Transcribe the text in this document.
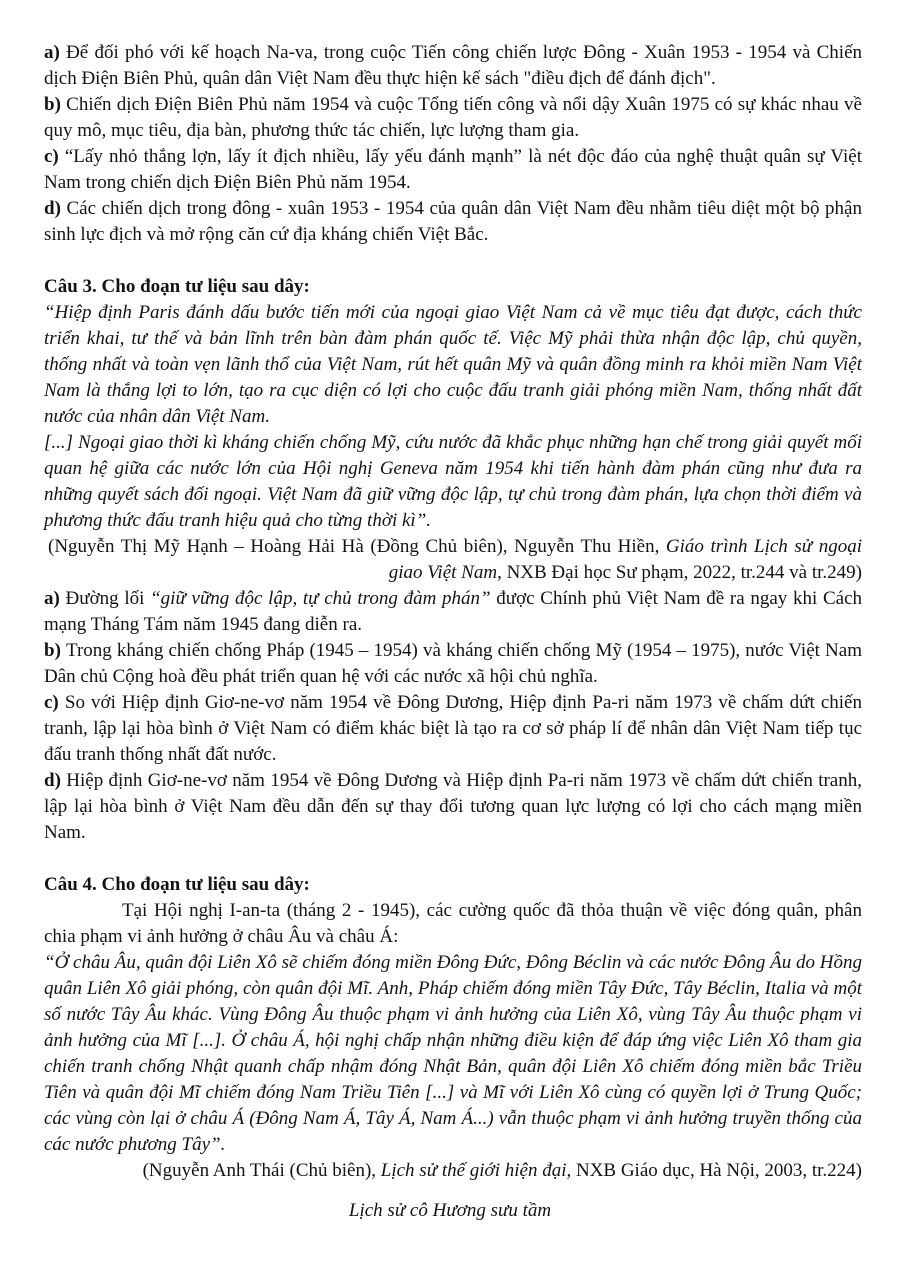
a) Để đối phó với kế hoạch Na-va, trong cuộc Tiến công chiến lược Đông - Xuân 1953 - 1954 và Chiến dịch Điện Biên Phủ, quân dân Việt Nam đều thực hiện kế sách "điều địch để đánh địch".

b) Chiến dịch Điện Biên Phủ năm 1954 và cuộc Tổng tiến công và nổi dậy Xuân 1975 có sự khác nhau về quy mô, mục tiêu, địa bàn, phương thức tác chiến, lực lượng tham gia.

c) “Lấy nhỏ thắng lợn, lấy ít địch nhiều, lấy yếu đánh mạnh” là nét độc đáo của nghệ thuật quân sự Việt Nam trong chiến dịch Điện Biên Phủ năm 1954.

d) Các chiến dịch trong đông - xuân 1953 - 1954 của quân dân Việt Nam đều nhằm tiêu diệt một bộ phận sinh lực địch và mở rộng căn cứ địa kháng chiến Việt Bắc.

Câu 3. Cho đoạn tư liệu sau dây:

“Hiệp định Paris đánh dấu bước tiến mới của ngoại giao Việt Nam cả về mục tiêu đạt được, cách thức triển khai, tư thế và bản lĩnh trên bàn đàm phán quốc tế. Việc Mỹ phải thừa nhận độc lập, chủ quyền, thống nhất và toàn vẹn lãnh thổ của Việt Nam, rút hết quân Mỹ và quân đồng minh ra khỏi miền Nam Việt Nam là thắng lợi to lớn, tạo ra cục diện có lợi cho cuộc đấu tranh giải phóng miền Nam, thống nhất đất nước của nhân dân Việt Nam.

[...] Ngoại giao thời kì kháng chiến chống Mỹ, cứu nước đã khắc phục những hạn chế trong giải quyết mối quan hệ giữa các nước lớn của Hội nghị Geneva năm 1954 khi tiến hành đàm phán cũng như đưa ra những quyết sách đối ngoại. Việt Nam đã giữ vững độc lập, tự chủ trong đàm phán, lựa chọn thời điểm và phương thức đấu tranh hiệu quả cho từng thời kì”.

(Nguyễn Thị Mỹ Hạnh – Hoàng Hải Hà (Đồng Chủ biên), Nguyễn Thu Hiền, Giáo trình Lịch sử ngoại giao Việt Nam, NXB Đại học Sư phạm, 2022, tr.244 và tr.249)

a) Đường lối “giữ vững độc lập, tự chủ trong đàm phán” được Chính phủ Việt Nam đề ra ngay khi Cách mạng Tháng Tám năm 1945 đang diễn ra.

b) Trong kháng chiến chống Pháp (1945 – 1954) và kháng chiến chống Mỹ (1954 – 1975), nước Việt Nam Dân chủ Cộng hoà đều phát triển quan hệ với các nước xã hội chủ nghĩa.

c) So với Hiệp định Giơ-ne-vơ năm 1954 về Đông Dương, Hiệp định Pa-ri năm 1973 về chấm dứt chiến tranh, lập lại hòa bình ở Việt Nam có điểm khác biệt là tạo ra cơ sở pháp lí để nhân dân Việt Nam tiếp tục đấu tranh thống nhất đất nước.

d) Hiệp định Giơ-ne-vơ năm 1954 về Đông Dương và Hiệp định Pa-ri năm 1973 về chấm dứt chiến tranh, lập lại hòa bình ở Việt Nam đều dẫn đến sự thay đổi tương quan lực lượng có lợi cho cách mạng miền Nam.

Câu 4. Cho đoạn tư liệu sau dây:

Tại Hội nghị I-an-ta (tháng 2 - 1945), các cường quốc đã thỏa thuận về việc đóng quân, phân chia phạm vi ảnh hưởng ở châu Âu và châu Á:

“Ở châu Âu, quân đội Liên Xô sẽ chiếm đóng miền Đông Đức, Đông Béclin và các nước Đông Âu do Hồng quân Liên Xô giải phóng, còn quân đội Mĩ. Anh, Pháp chiếm đóng miền Tây Đức, Tây Béclin, Italia và một số nước Tây Âu khác. Vùng Đông Âu thuộc phạm vi ảnh hưởng của Liên Xô, vùng Tây Âu thuộc phạm vi ảnh hưởng của Mĩ [...]. Ở châu Á, hội nghị chấp nhận những điều kiện để đáp ứng việc Liên Xô tham gia chiến tranh chống Nhật quanh chấp nhậm đóng Nhật Bản, quân đội Liên Xô chiếm đóng miền bắc Triều Tiên và quân đội Mĩ chiếm đóng Nam Triều Tiên [...] và Mĩ với Liên Xô cùng có quyền lợi ở Trung Quốc; các vùng còn lại ở châu Á (Đông Nam Á, Tây Á, Nam Á...) vẫn thuộc phạm vi ảnh hưởng truyền thống của các nước phương Tây”.

(Nguyễn Anh Thái (Chủ biên), Lịch sử thế giới hiện đại, NXB Giáo dục, Hà Nội, 2003, tr.224)

Lịch sử cô Hương sưu tầm
